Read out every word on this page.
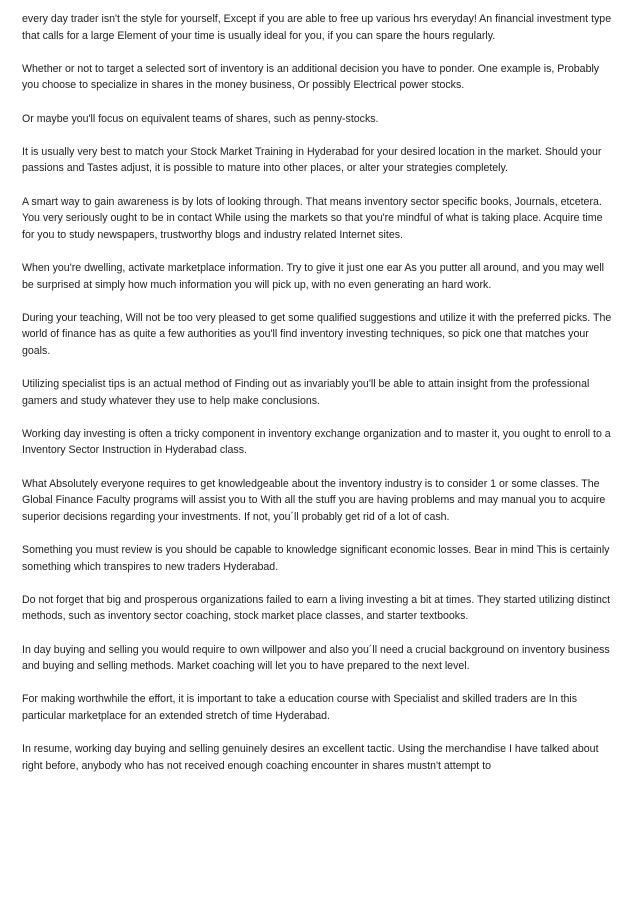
every day trader isn't the style for yourself, Except if you are able to free up various hrs everyday! An financial investment type that calls for a large Element of your time is usually ideal for you, if you can spare the hours regularly.

Whether or not to target a selected sort of inventory is an additional decision you have to ponder. One example is, Probably you choose to specialize in shares in the money business, Or possibly Electrical power stocks.

Or maybe you'll focus on equivalent teams of shares, such as penny-stocks.

It is usually very best to match your Stock Market Training in Hyderabad for your desired location in the market. Should your passions and Tastes adjust, it is possible to mature into other places, or alter your strategies completely.

A smart way to gain awareness is by lots of looking through. That means inventory sector specific books, Journals, etcetera. You very seriously ought to be in contact While using the markets so that you're mindful of what is taking place. Acquire time for you to study newspapers, trustworthy blogs and industry related Internet sites.

When you're dwelling, activate marketplace information. Try to give it just one ear As you putter all around, and you may well be surprised at simply how much information you will pick up, with no even generating an hard work.

During your teaching, Will not be too very pleased to get some qualified suggestions and utilize it with the preferred picks. The world of finance has as quite a few authorities as you'll find inventory investing techniques, so pick one that matches your goals.

Utilizing specialist tips is an actual method of Finding out as invariably you'll be able to attain insight from the professional gamers and study whatever they use to help make conclusions.

Working day investing is often a tricky component in inventory exchange organization and to master it, you ought to enroll to a Inventory Sector Instruction in Hyderabad class.

What Absolutely everyone requires to get knowledgeable about the inventory industry is to consider 1 or some classes. The Global Finance Faculty programs will assist you to With all the stuff you are having problems and may manual you to acquire superior decisions regarding your investments. If not, you´ll probably get rid of a lot of cash.

Something you must review is you should be capable to knowledge significant economic losses. Bear in mind This is certainly something which transpires to new traders Hyderabad.

Do not forget that big and prosperous organizations failed to earn a living investing a bit at times. They started utilizing distinct methods, such as inventory sector coaching, stock market place classes, and starter textbooks.

In day buying and selling you would require to own willpower and also you´ll need a crucial background on inventory business and buying and selling methods. Market coaching will let you to have prepared to the next level.

For making worthwhile the effort, it is important to take a education course with Specialist and skilled traders are In this particular marketplace for an extended stretch of time Hyderabad.

In resume, working day buying and selling genuinely desires an excellent tactic. Using the merchandise I have talked about right before, anybody who has not received enough coaching encounter in shares mustn't attempt to
